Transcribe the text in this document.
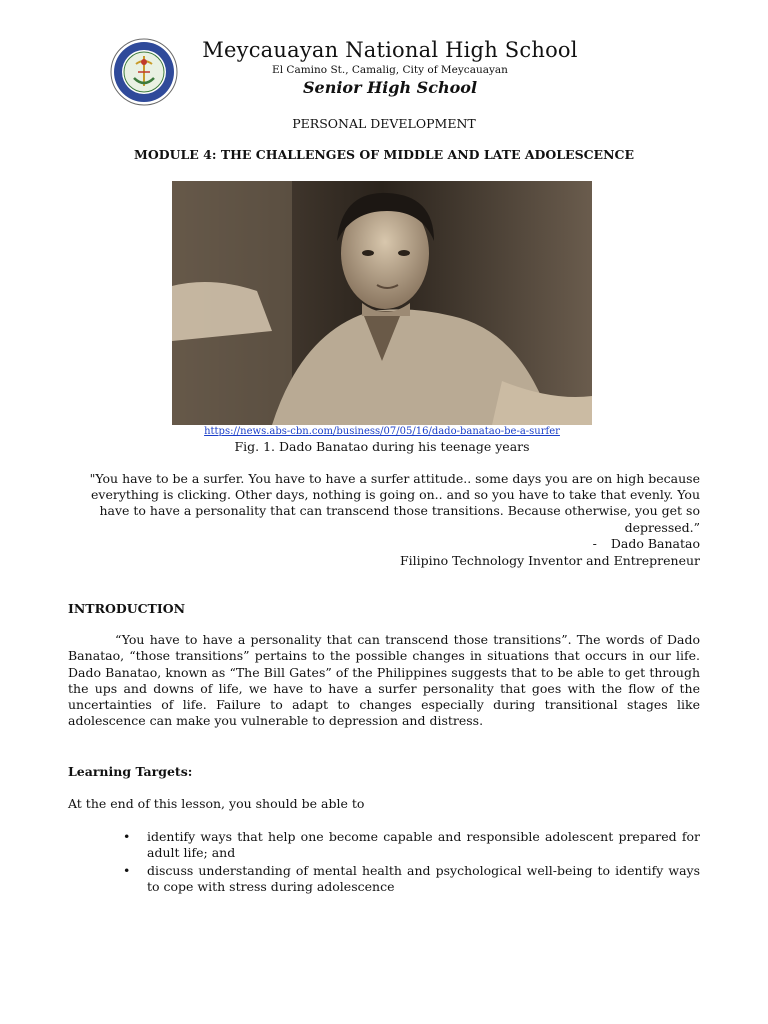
Meycauayan National High School
El Camino St., Camalig, City of Meycauayan
Senior High School
PERSONAL DEVELOPMENT
MODULE 4: THE CHALLENGES OF MIDDLE AND LATE ADOLESCENCE
https://news.abs-cbn.com/business/07/05/16/dado-banatao-be-a-surfer
Fig. 1. Dado Banatao during his teenage years
"You have to be a surfer. You have to have a surfer attitude.. some days you are on high because everything is clicking. Other days, nothing is going on.. and so you have to take that evenly. You have to have a personality that can transcend those transitions. Because otherwise, you get so depressed.”
- Dado Banatao
Filipino Technology Inventor and Entrepreneur
INTRODUCTION
“You have to have a personality that can transcend those transitions”. The words of Dado Banatao, “those transitions” pertains to the possible changes in situations that occurs in our life. Dado Banatao, known as “The Bill Gates” of the Philippines suggests that to be able to get through the ups and downs of life, we have to have a surfer personality that goes with the flow of the uncertainties of life. Failure to adapt to changes especially during transitional stages like adolescence can make you vulnerable to depression and distress.
Learning Targets:
At the end of this lesson, you should be able to
• identify ways that help one become capable and responsible adolescent prepared for adult life; and
• discuss understanding of mental health and psychological well-being to identify ways to cope with stress during adolescence
